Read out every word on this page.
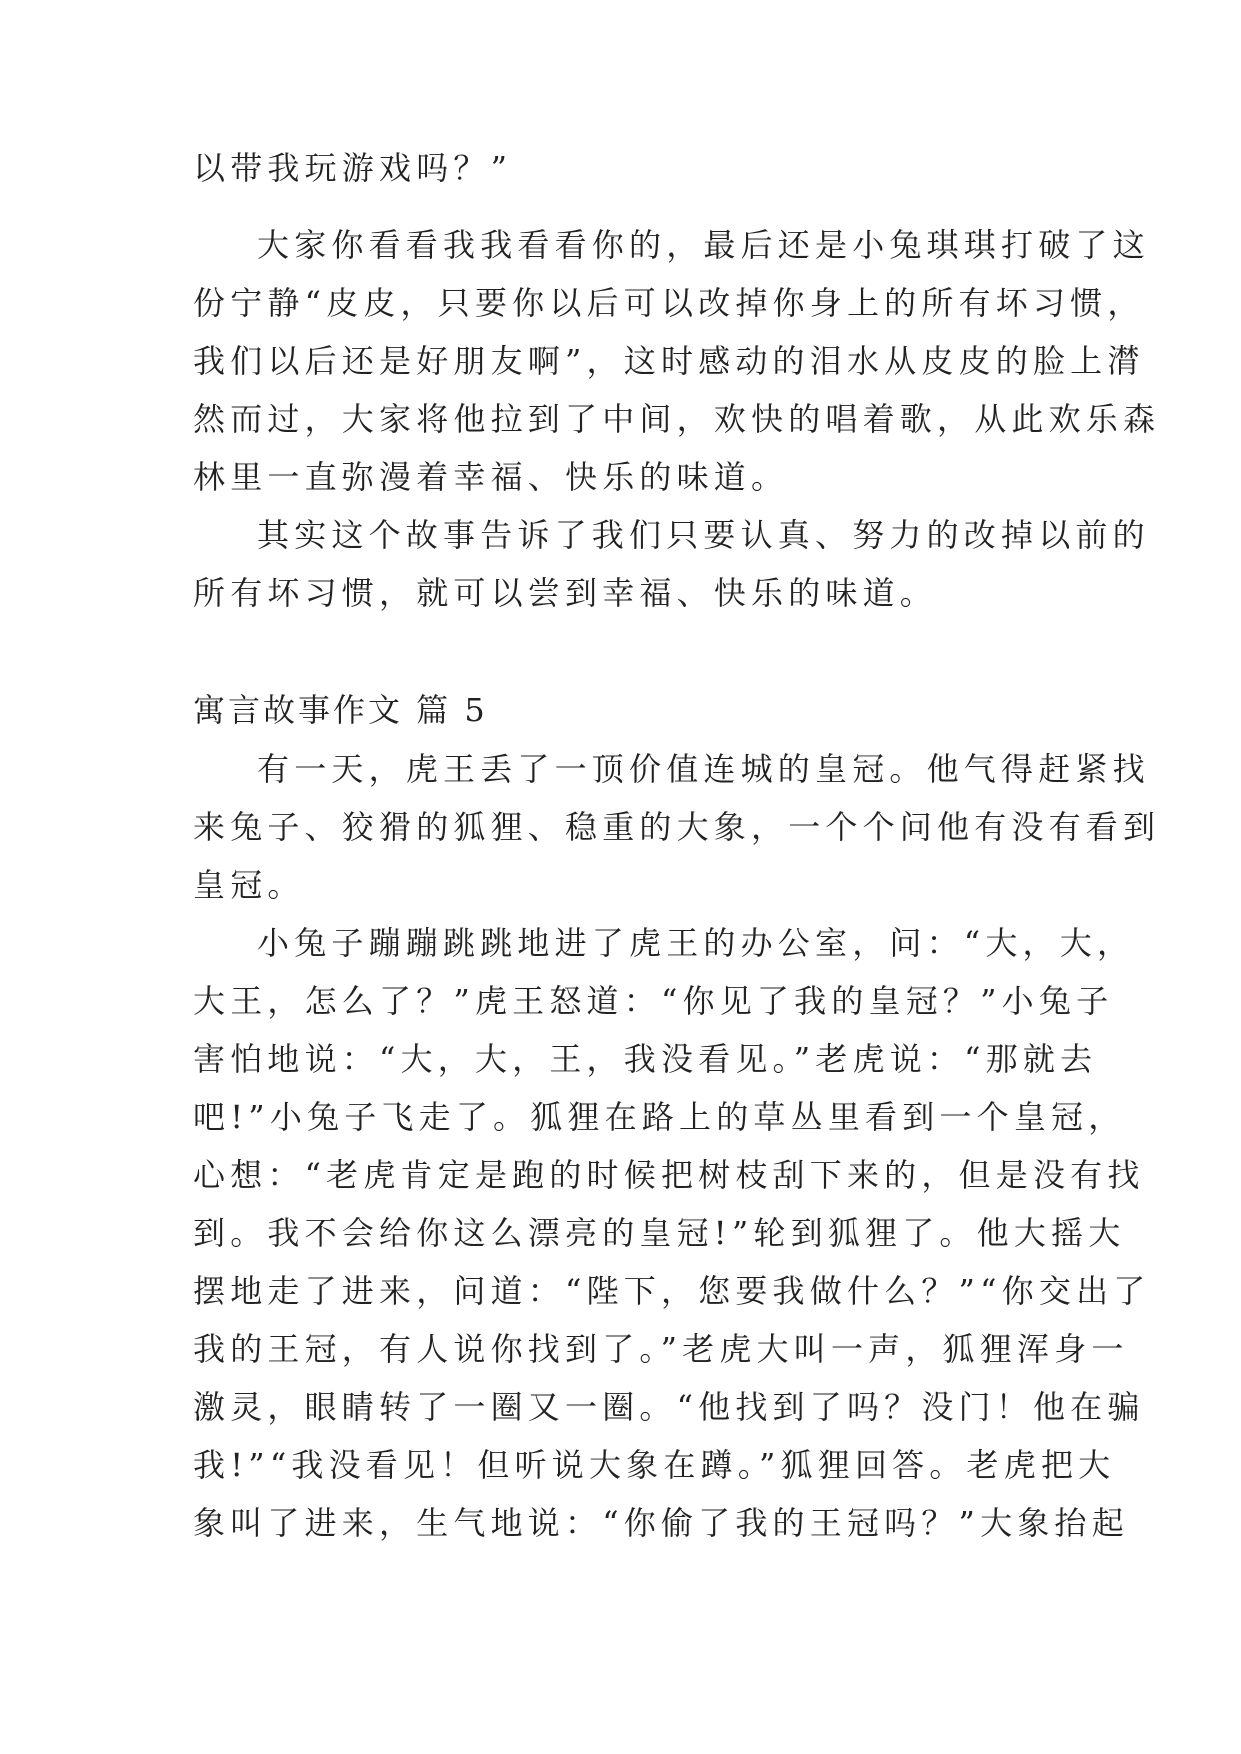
以带我玩游戏吗？”
大家你看看我我看看你的，最后还是小兔琪琪打破了这
份宁静“皮皮，只要你以后可以改掉你身上的所有坏习惯，
我们以后还是好朋友啊”，这时感动的泪水从皮皮的脸上潸
然而过，大家将他拉到了中间，欢快的唱着歌，从此欢乐森
林里一直弥漫着幸福、快乐的味道。
其实这个故事告诉了我们只要认真、努力的改掉以前的
所有坏习惯，就可以尝到幸福、快乐的味道。
寓言故事作文 篇 5
有一天，虎王丢了一顶价值连城的皇冠。他气得赶紧找
来兔子、狡猾的狐狸、稳重的大象，一个个问他有没有看到
皇冠。
小兔子蹦蹦跳跳地进了虎王的办公室，问：“大，大，
大王，怎么了？”虎王怒道：“你见了我的皇冠？”小兔子
害怕地说：“大，大，王，我没看见。”老虎说：“那就去
吧!”小兔子飞走了。狐狸在路上的草丛里看到一个皇冠，
心想：“老虎肯定是跑的时候把树枝刮下来的，但是没有找
到。我不会给你这么漂亮的皇冠!”轮到狐狸了。他大摇大
摆地走了进来，问道：“陛下，您要我做什么？”“你交出了
我的王冠，有人说你找到了。”老虎大叫一声，狐狸浑身一
激灵，眼睛转了一圈又一圈。“他找到了吗？没门！他在骗
我!”“我没看见！但听说大象在蹲。”狐狸回答。老虎把大
象叫了进来，生气地说：“你偷了我的王冠吗？”大象抬起
